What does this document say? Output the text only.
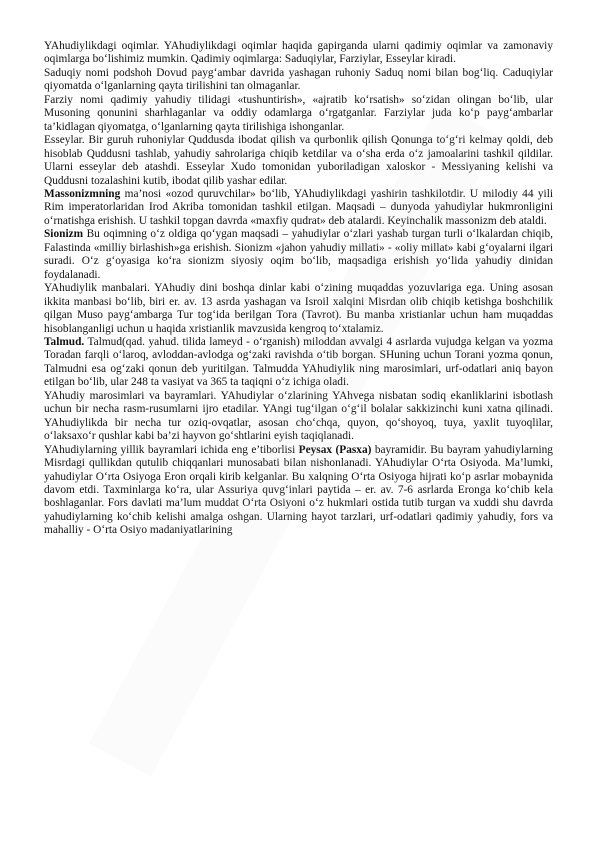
YAhudiylikdagi oqimlar. YAhudiylikdagi oqimlar haqida gapirganda ularni qadimiy oqimlar va zamonaviy oqimlarga bo‘lishimiz mumkin. Qadimiy oqimlarga: Saduqiylar, Farziylar, Esseylar kiradi.

Saduqiy nomi podshoh Dovud payg‘ambar davrida yashagan ruhoniy Saduq nomi bilan bog‘liq. Caduqiylar qiyomatda o‘lganlarning qayta tirilishini tan olmaganlar.

Farziy nomi qadimiy yahudiy tilidagi «tushuntirish», «ajratib ko‘rsatish» so‘zidan olingan bo‘lib, ular Musoning qonunini sharhlaganlar va oddiy odamlarga o‘rgatganlar. Farziylar juda ko‘p payg‘ambarlar ta’kidlagan qiyomatga, o‘lganlarning qayta tirilishiga ishonganlar.

Esseylar. Bir guruh ruhoniylar Quddusda ibodat qilish va qurbonlik qilish Qonunga to‘g‘ri kelmay qoldi, deb hisoblab Quddusni tashlab, yahudiy sahrolariga chiqib ketdilar va o‘sha erda o‘z jamoalarini tashkil qildilar. Ularni esseylar deb atashdi. Esseylar Xudo tomonidan yuboriladigan xaloskor - Messiyaning kelishi va Quddusni tozalashini kutib, ibodat qilib yashar edilar.

Massonizmning ma’nosi «ozod quruvchilar» bo‘lib, YAhudiylikdagi yashirin tashkilotdir. U milodiy 44 yili Rim imperatorlaridan Irod Akriba tomonidan tashkil etilgan. Maqsadi – dunyoda yahudiylar hukmronligini o‘rnatishga erishish. U tashkil topgan davrda «maxfiy qudrat» deb atalardi. Keyinchalik massonizm deb ataldi.

Sionizm Bu oqimning o‘z oldiga qo‘ygan maqsadi – yahudiylar o‘zlari yashab turgan turli o‘lkalardan chiqib, Falastinda «milliy birlashish»ga erishish. Sionizm «jahon yahudiy millati» - «oliy millat» kabi g‘oyalarni ilgari suradi. O‘z g‘oyasiga ko‘ra sionizm siyosiy oqim bo‘lib, maqsadiga erishish yo‘lida yahudiy dinidan foydalanadi.

YAhudiylik manbalari. YAhudiy dini boshqa dinlar kabi o‘zining muqaddas yozuvlariga ega. Uning asosan ikkita manbasi bo‘lib, biri er. av. 13 asrda yashagan va Isroil xalqini Misrdan olib chiqib ketishga boshchilik qilgan Muso payg‘ambarga Tur tog‘ida berilgan Tora (Tavrot). Bu manba xristianlar uchun ham muqaddas hisoblanganligi uchun u haqida xristianlik mavzusida kengroq to‘xtalamiz.

Talmud. Talmud(qad. yahud. tilida lameyd - o‘rganish) miloddan avvalgi 4 asrlarda vujudga kelgan va yozma Toradan farqli o‘laroq, avloddan-avlodga og‘zaki ravishda o‘tib borgan. SHuning uchun Torani yozma qonun, Talmudni esa og‘zaki qonun deb yuritilgan. Talmudda YAhudiylik ning marosimlari, urf-odatlari aniq bayon etilgan bo‘lib, ular 248 ta vasiyat va 365 ta taqiqni o‘z ichiga oladi.

YAhudiy marosimlari va bayramlari. YAhudiylar o‘zlarining YAhvega nisbatan sodiq ekanliklarini isbotlash uchun bir necha rasm-rusumlarni ijro etadilar. YAngi tug‘ilgan o‘g‘il bolalar sakkizinchi kuni xatna qilinadi. YAhudiylikda bir necha tur oziq-ovqatlar, asosan cho‘chqa, quyon, qo‘shoyoq, tuya, yaxlit tuyoqlilar, o‘laksaxo‘r qushlar kabi ba’zi hayvon go‘shtlarini eyish taqiqlanadi.

YAhudiylarning yillik bayramlari ichida eng e’tiborlisi Peysax (Pasxa) bayramidir. Bu bayram yahudiylarning Misrdagi qullikdan qutulib chiqqanlari munosabati bilan nishonlanadi. YAhudiylar O‘rta Osiyoda. Ma’lumki, yahudiylar O‘rta Osiyoga Eron orqali kirib kelganlar. Bu xalqning O‘rta Osiyoga hijrati ko‘p asrlar mobaynida davom etdi. Taxminlarga ko‘ra, ular Assuriya quvg‘inlari paytida – er. av. 7-6 asrlarda Eronga ko‘chib kela boshlaganlar. Fors davlati ma’lum muddat O‘rta Osiyoni o‘z hukmlari ostida tutib turgan va xuddi shu davrda yahudiylarning ko‘chib kelishi amalga oshgan. Ularning hayot tarzlari, urf-odatlari qadimiy yahudiy, fors va mahalliy - O‘rta Osiyo madaniyatlarining
